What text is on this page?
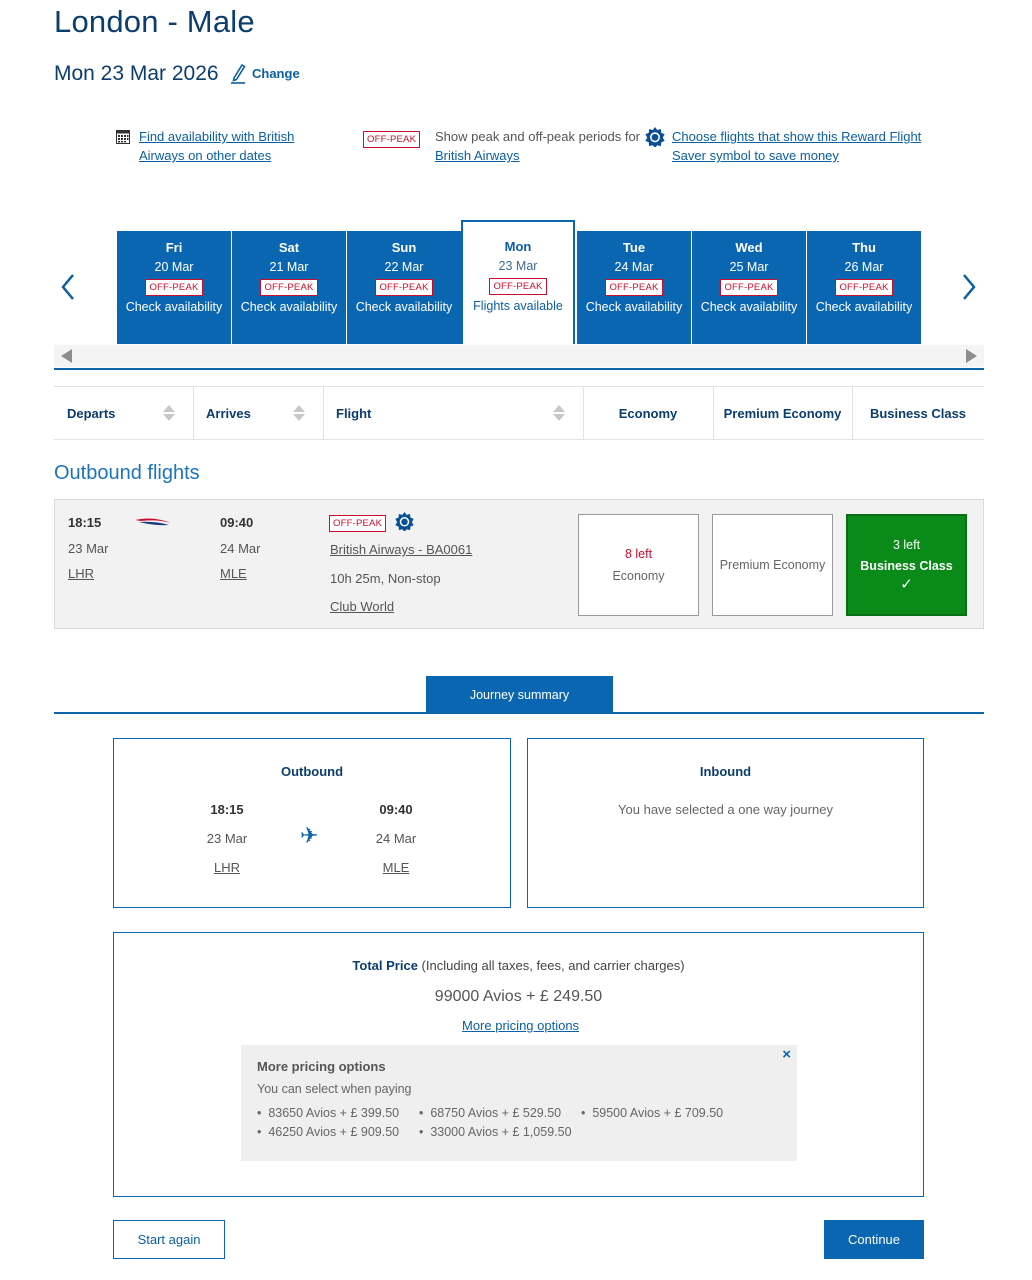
London - Male
Mon 23 Mar 2026	Change
Find availability with British
Airways on other dates
OFF-PEAK	Show peak and off-peak periods for
British Airways
Choose flights that show this Reward Flight
Saver symbol to save money
Fri
20 Mar
OFF-PEAK
Check availability
Sat
21 Mar
OFF-PEAK
Check availability
Sun
22 Mar
OFF-PEAK
Check availability
Mon
23 Mar
OFF-PEAK
Flights available
Tue
24 Mar
OFF-PEAK
Check availability
Wed
25 Mar
OFF-PEAK
Check availability
Thu
26 Mar
OFF-PEAK
Check availability
Departs	Arrives	Flight	Economy	Premium Economy	Business Class
Outbound flights
18:15
23 Mar
LHR
09:40
24 Mar
MLE
OFF-PEAK
British Airways - BA0061
10h 25m, Non-stop
Club World
8 left
Economy
Premium Economy
3 left
Business Class
✓
Journey summary
Outbound
18:15
23 Mar
LHR
✈
09:40
24 Mar
MLE
Inbound
You have selected a one way journey
Total Price (Including all taxes, fees, and carrier charges)
99000 Avios + £ 249.50
More pricing options
More pricing options
You can select when paying
×
•  83650 Avios + £ 399.50 •  68750 Avios + £ 529.50 •  59500 Avios + £ 709.50
•  46250 Avios + £ 909.50 •  33000 Avios + £ 1,059.50
Start again	Continue
